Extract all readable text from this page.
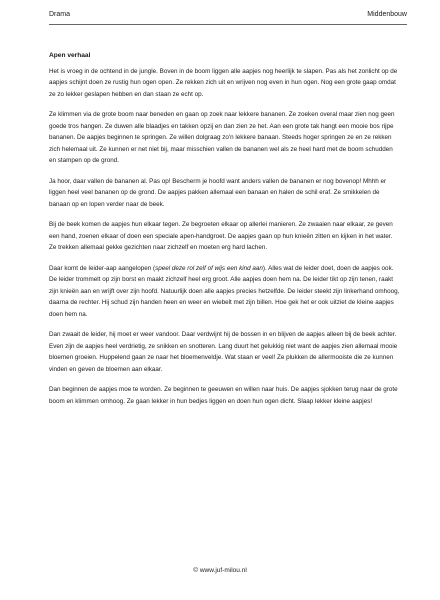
Drama	Middenbouw
Apen verhaal

Het is vroeg in de ochtend in de jungle. Boven in de boom liggen alle aapjes nog heerlijk te slapen. Pas als het zonlicht op de aapjes schijnt doen ze rustig hun ogen open. Ze rekken zich uit en wrijven nog even in hun ogen. Nog een grote gaap omdat ze zo lekker geslapen hebben en dan staan ze echt op.

Ze klimmen via de grote boom naar beneden en gaan op zoek naar lekkere bananen. Ze zoeken overal maar zien nog geen goede tros hangen. Ze duwen alle blaadjes en takken opzij en dan zien ze het. Aan een grote tak hangt een mooie bos rijpe bananen. De aapjes beginnen te springen. Ze willen dolgraag zo'n lekkere banaan. Steeds hoger springen ze en ze rekken zich helemaal uit. Ze kunnen er net niet bij, maar misschien vallen de bananen wel als ze heel hard met de boom schudden en stampen op de grond.

Ja hoor, daar vallen de bananen al. Pas op! Bescherm je hoofd want anders vallen de bananen er nog bovenop! Mhhh er liggen heel veel bananen op de grond. De aapjes pakken allemaal een banaan en halen de schil eraf. Ze smikkelen de banaan op en lopen verder naar de beek.

Bij de beek komen de aapjes hun elkaar tegen. Ze begroeten elkaar op allerlei manieren. Ze zwaaien naar elkaar, ze geven een hand, zoenen elkaar of doen een speciale apen-handgroet. De aapjes gaan op hun knieën zitten en kijken in het water. Ze trekken allemaal gekke gezichten naar zichzelf en moeten erg hard lachen.

Daar komt de leider-aap aangelopen (speel deze rol zelf of wijs een kind aan). Alles wat de leider doet, doen de aapjes ook. De leider trommelt op zijn borst en maakt zichzelf heel erg groot. Alle aapjes doen hem na. De leider tikt op zijn tenen, raakt zijn knieën aan en wrijft over zijn hoofd. Natuurlijk doen alle aapjes precies hetzelfde. De leider steekt zijn linkerhand omhoog, daarna de rechter. Hij schud zijn handen heen en weer en wiebelt met zijn billen. Hoe gek het er ook uitziet de kleine aapjes doen hem na.

Dan zwaait de leider, hij moet er weer vandoor. Daar verdwijnt hij de bossen in en blijven de aapjes alleen bij de beek achter. Even zijn de aapjes heel verdrietig, ze snikken en snotteren. Lang duurt het gelukkig niet want de aapjes zien allemaal mooie bloemen groeien. Huppelend gaan ze naar het bloemenveldje. Wat staan er veel! Ze plukken de allermooiste die ze kunnen vinden en geven de bloemen aan elkaar.

Dan beginnen de aapjes moe te worden. Ze beginnen te geeuwen en willen naar huis. De aapjes sjokken terug naar de grote boom en klimmen omhoog. Ze gaan lekker in hun bedjes liggen en doen hun ogen dicht. Slaap lekker kleine aapjes!

© www.juf-milou.nl
